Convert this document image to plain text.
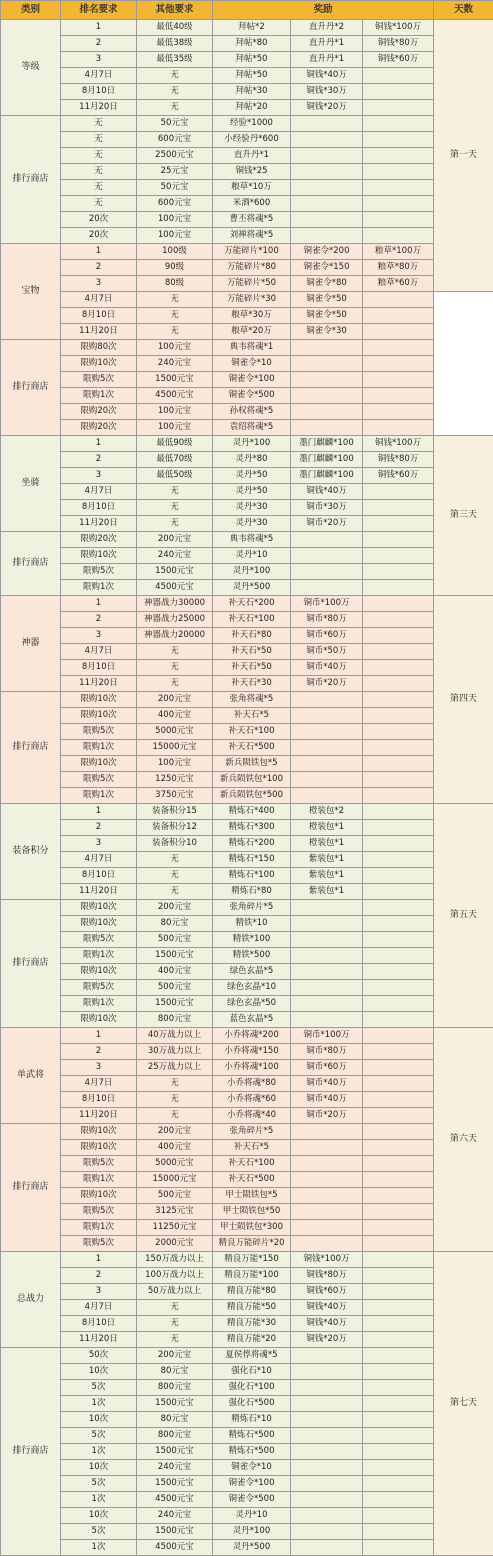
类别	排名要求	其他要求	奖励			天数	
等级	1	最低40级	拜帖*2	直升丹*2	铜钱*100万	第一天	
	2	最低38级	拜帖*80	直升丹*1	铜钱*80万		
	3	最低35级	拜帖*50	直升丹*1	铜钱*60万		
	4月7日	无	拜帖*50	铜钱*40万			
	8月10日	无	拜帖*30	铜钱*30万			
	11月20日	无	拜帖*20	铜钱*20万			
排行商店	无	50元宝	经验*1000				
	无	600元宝	小经验丹*600				
	无	2500元宝	直升丹*1				
	无	25元宝	铜钱*25				
	无	50元宝	粮草*10万				
	无	600元宝	米酒*600				
	20次	100元宝	曹丕将魂*5				
	20次	100元宝	刘禅将魂*5				
宝物	1	100级	万能碎片*100	铜雀令*200	粮草*100万	
	2	90级	万能碎片*80	铜雀令*150	粮草*80万		
	3	80级	万能碎片*50	铜雀令*80	粮草*60万		
	4月7日	无	万能碎片*30	铜雀令*50			
	8月10日	无	粮草*30万	铜雀令*50			
	11月20日	无	粮草*20万	铜雀令*30			
排行商店	限购80次	100元宝	典韦将魂*1				
	限购10次	240元宝	铜雀令*10				
	限购5次	1500元宝	铜雀令*100				
	限购1次	4500元宝	铜雀令*500				
	限购20次	100元宝	孙权将魂*5				
	限购20次	100元宝	袁绍将魂*5				
坐骑	1	最低90级	灵丹*100	墨门麒麟*100	铜钱*100万	第三天	
	2	最低70级	灵丹*80	墨门麒麟*100	铜钱*80万		
	3	最低50级	灵丹*50	墨门麒麟*100	铜钱*60万		
	4月7日	无	灵丹*50	铜钱*40万			
	8月10日	无	灵丹*30	铜币*30万			
	11月20日	无	灵丹*30	铜币*20万			
排行商店	限购20次	200元宝	典韦将魂*5				
	限购10次	240元宝	灵丹*10				
	限购5次	1500元宝	灵丹*100				
	限购1次	4500元宝	灵丹*500				
神器	1	神器战力30000	补天石*200	铜币*100万		第四天	
	2	神器战力25000	补天石*100	铜币*80万			
	3	神器战力20000	补天石*80	铜币*60万			
	4月7日	无	补天石*50	铜币*50万			
	8月10日	无	补天石*50	铜币*40万			
	11月20日	无	补天石*30	铜币*20万			
排行商店	限购10次	200元宝	张角将魂*5				
	限购10次	400元宝	补天石*5				
	限购5次	5000元宝	补天石*100				
	限购1次	15000元宝	补天石*500				
	限购10次	100元宝	新兵陨铁包*5				
	限购5次	1250元宝	新兵陨铁包*100				
	限购1次	3750元宝	新兵陨铁包*500				
装备积分	1	装备积分15	精炼石*400	橙装包*2		第五天	
	2	装备积分12	精炼石*300	橙装包*1			
	3	装备积分10	精炼石*200	橙装包*1			
	4月7日	无	精炼石*150	紫装包*1			
	8月10日	无	精炼石*100	紫装包*1			
	11月20日	无	精炼石*80	紫装包*1			
排行商店	限购10次	200元宝	张角碎片*5				
	限购10次	80元宝	精铁*10				
	限购5次	500元宝	精铁*100				
	限购1次	1500元宝	精铁*500				
	限购10次	400元宝	绿色玄晶*5				
	限购5次	500元宝	绿色玄晶*10				
	限购1次	1500元宝	绿色玄晶*50				
	限购10次	800元宝	蓝色玄晶*5				
单武将	1	40万战力以上	小乔将魂*200	铜币*100万		第六天	
	2	30万战力以上	小乔将魂*150	铜币*80万			
	3	25万战力以上	小乔将魂*100	铜币*60万			
	4月7日	无	小乔将魂*80	铜币*40万			
	8月10日	无	小乔将魂*60	铜币*40万			
	11月20日	无	小乔将魂*40	铜币*20万			
排行商店	限购10次	200元宝	张角碎片*5				
	限购10次	400元宝	补天石*5				
	限购5次	5000元宝	补天石*100				
	限购1次	15000元宝	补天石*500				
	限购10次	500元宝	甲士陨铁包*5				
	限购5次	3125元宝	甲士陨铁包*50				
	限购1次	11250元宝	甲士陨铁包*300				
	限购5次	2000元宝	精良万能碎片*20				
总战力	1	150万战力以上	精良万能*150	铜钱*100万		第七天	
	2	100万战力以上	精良万能*100	铜钱*80万			
	3	50万战力以上	精良万能*80	铜钱*60万			
	4月7日	无	精良万能*50	铜钱*40万			
	8月10日	无	精良万能*30	铜钱*40万			
	11月20日	无	精良万能*20	铜钱*20万			
排行商店	50次	200元宝	夏侯惇将魂*5				
	10次	80元宝	强化石*10				
	5次	800元宝	强化石*100				
	1次	1500元宝	强化石*500				
	10次	80元宝	精炼石*10				
	5次	800元宝	精炼石*500				
	1次	1500元宝	精炼石*500				
	10次	240元宝	铜雀令*10				
	5次	1500元宝	铜雀令*100				
	1次	4500元宝	铜雀令*500				
	10次	240元宝	灵丹*10				
	5次	1500元宝	灵丹*100				
	1次	4500元宝	灵丹*500				
